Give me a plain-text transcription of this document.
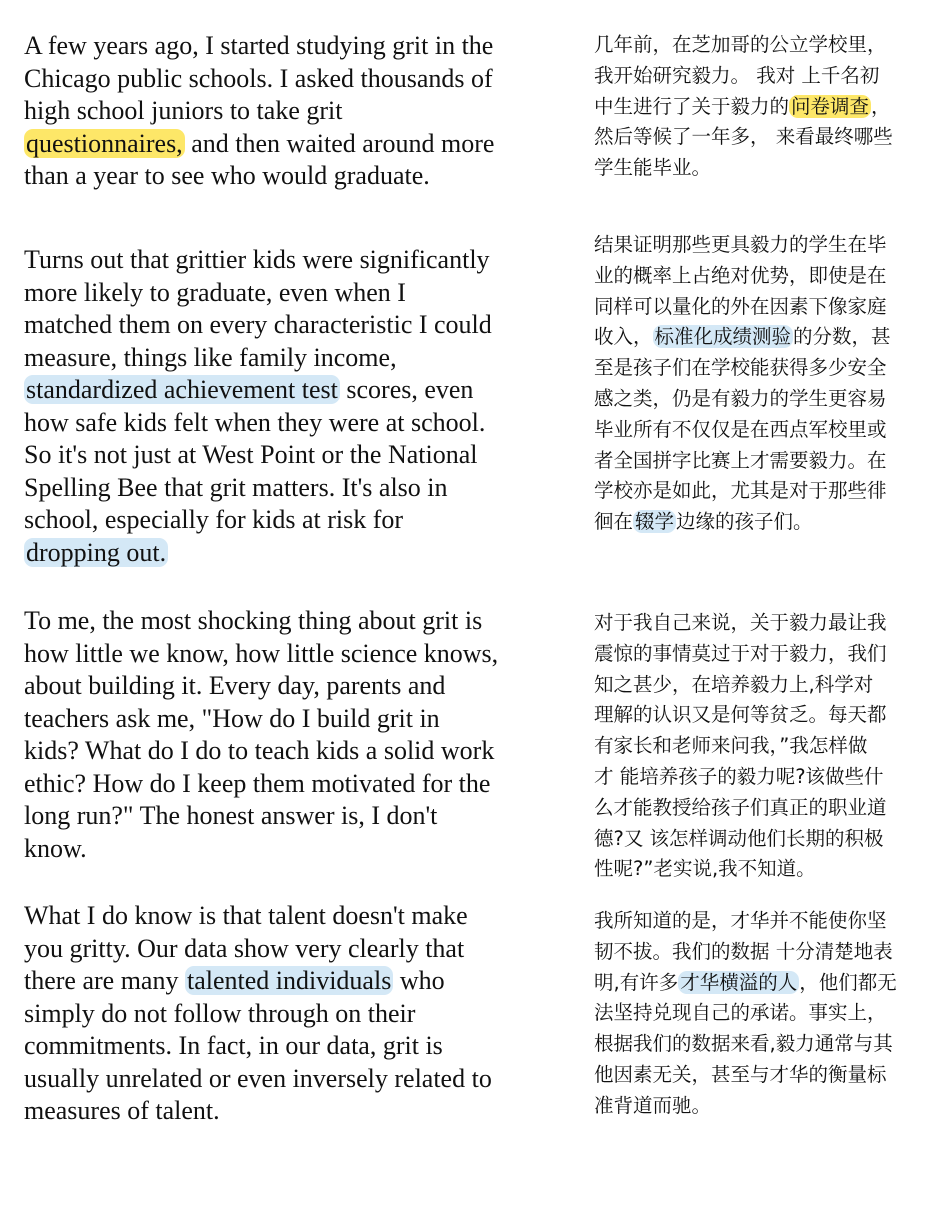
A few years ago, I started studying grit in the
Chicago public schools. I asked thousands of
high school juniors to take grit
questionnaires, and then waited around more
than a year to see who would graduate.

Turns out that grittier kids were significantly
more likely to graduate, even when I
matched them on every characteristic I could
measure, things like family income,
standardized achievement test scores, even
how safe kids felt when they were at school.
So it's not just at West Point or the National
Spelling Bee that grit matters. It's also in
school, especially for kids at risk for
dropping out.

To me, the most shocking thing about grit is
how little we know, how little science knows,
about building it. Every day, parents and
teachers ask me, "How do I build grit in
kids? What do I do to teach kids a solid work
ethic? How do I keep them motivated for the
long run?" The honest answer is, I don't
know.

What I do know is that talent doesn't make
you gritty. Our data show very clearly that
there are many talented individuals who
simply do not follow through on their
commitments. In fact, in our data, grit is
usually unrelated or even inversely related to
measures of talent.

几年前，在芝加哥的公立学校里，
我开始研究毅力。 我对 上千名初
中生进行了关于毅力的 问卷调查 ，
然后等候了一年多， 来看最终哪些
学生能毕业。

结果证明那些更具毅力的学生在毕
业的概率上占绝对优势，即使是在
同样可以量化的外在因素下像家庭
收入， 标准化成绩测验 的分数，甚
至是孩子们在学校能获得多少安全
感之类，仍是有毅力的学生更容易
毕业所有不仅仅是在西点军校里或
者全国拼字比赛上才需要毅力。在
学校亦是如此，尤其是对于那些徘
徊在 辍学 边缘的孩子们。

对于我自己来说，关于毅力最让我
震惊的事情莫过于对于毅力，我们
知之甚少，在培养毅力上,科学对
理解的认识又是何等贫乏。每天都
有家长和老师来问我，”我怎样做
才 能培养孩子的毅力呢?该做些什
么才能教授给孩子们真正的职业道
德?又 该怎样调动他们长期的积极
性呢?”老实说,我不知道。

我所知道的是，才华并不能使你坚
韧不拔。我们的数据 十分清楚地表
明,有许多 才华横溢的人 ，他们都无
法坚持兑现自己的承诺。事实上，
根据我们的数据来看,毅力通常与其
他因素无关，甚至与才华的衡量标
准背道而驰。
